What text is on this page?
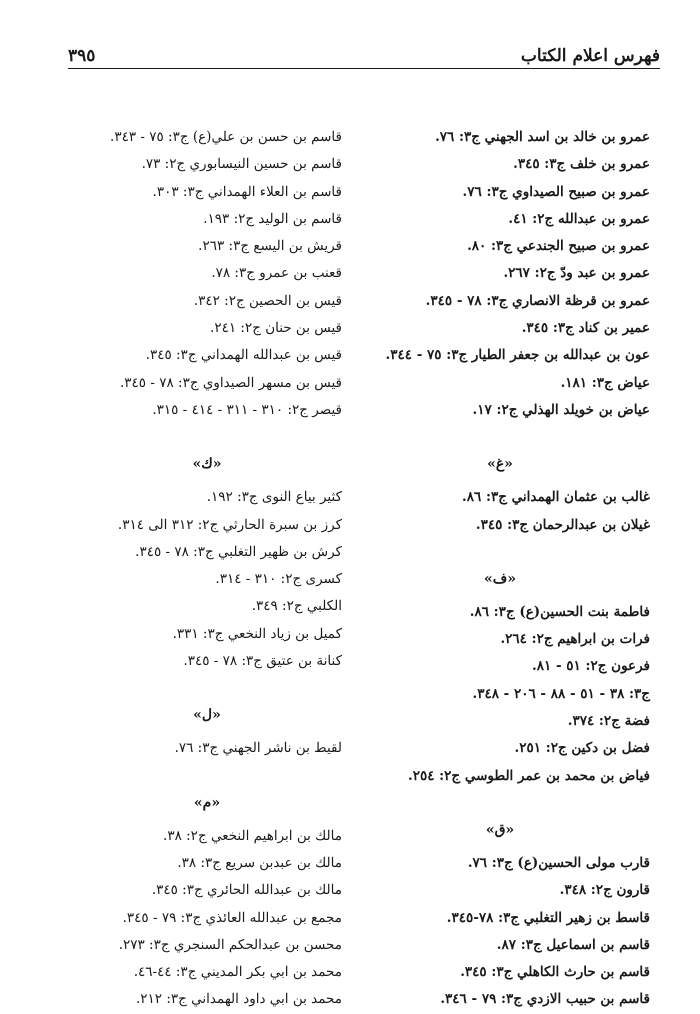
٣٩٥	فهرس اعلام الكتاب
عمرو بن خالد بن اسد الجهني ج٣: ٧٦.
عمرو بن خلف ج٣: ٣٤٥.
عمرو بن صبيح الصيداوي ج٣: ٧٦.
عمرو بن عبدالله ج٢: ٤١.
عمرو بن صبيح الجندعي ج٣: ٨٠.
عمرو بن عبد ودّ ج٢: ٢٦٧.
عمرو بن قرظة الانصاري ج٣: ٧٨ - ٣٤٥.
عمير بن كناد ج٣: ٣٤٥.
عون بن عبدالله بن جعفر الطيار ج٣: ٧٥ - ٣٤٤.
عياض ج٣: ١٨١.
عياض بن خويلد الهذلي ج٢: ١٧.
«غ»
غالب بن عثمان الهمداني ج٣: ٨٦.
غيلان بن عبدالرحمان ج٣: ٣٤٥.
«ف»
فاطمة بنت الحسين(ع) ج٣: ٨٦.
فرات بن ابراهيم ج٢: ٢٦٤.
فرعون ج٢: ٥١ - ٨١.
ج٣: ٣٨ - ٥١ - ٨٨ - ٢٠٦ - ٣٤٨.
فضة ج٢: ٣٧٤.
فضل بن دكين ج٢: ٢٥١.
فياض بن محمد بن عمر الطوسي ج٢: ٢٥٤.
«ق»
قارب مولى الحسين(ع) ج٣: ٧٦.
قارون ج٢: ٣٤٨.
قاسط بن زهير التغلبي ج٣: ٧٨-٣٤٥.
قاسم بن اسماعيل ج٣: ٨٧.
قاسم بن حارث الكاهلي ج٣: ٣٤٥.
قاسم بن حبيب الازدي ج٣: ٧٩ - ٣٤٦.
قاسم بن حسن بن علي(ع) ج٣: ٧٥ - ٣٤٣.
قاسم بن حسين النيسابوري ج٢: ٧٣.
قاسم بن العلاء الهمداني ج٣: ٣٠٣.
قاسم بن الوليد ج٢: ١٩٣.
قريش بن اليسع ج٣: ٢٦٣.
قعنب بن عمرو ج٣: ٧٨.
قيس بن الحصين ج٢: ٣٤٢.
قيس بن حنان ج٢: ٢٤١.
قيس بن عبدالله الهمداني ج٣: ٣٤٥.
قيس بن مسهر الصيداوي ج٣: ٧٨ - ٣٤٥.
قيصر ج٢: ٣١٠ - ٣١١ - ٤١٤ - ٣١٥.
«ك»
كثير بياع النوى ج٣: ١٩٢.
كرز بن سبرة الحارثي ج٢: ٣١٢ الى ٣١٤.
كرش بن ظهير التغلبي ج٣: ٧٨ - ٣٤٥.
كسرى ج٢: ٣١٠ - ٣١٤.
الكلبي ج٢: ٣٤٩.
كميل بن زياد النخعي ج٣: ٣٣١.
كنانة بن عتيق ج٣: ٧٨ - ٣٤٥.
«ل»
لقيط بن ناشر الجهني ج٣: ٧٦.
«م»
مالك بن ابراهيم النخعي ج٢: ٣٨.
مالك بن عبدبن سريع ج٣: ٣٨.
مالك بن عبدالله الحائري ج٣: ٣٤٥.
مجمع بن عبدالله العائذي ج٣: ٧٩ - ٣٤٥.
محسن بن عبدالحكم السنجري ج٣: ٢٧٣.
محمد بن ابي بكر المديني ج٣: ٤٤-٤٦.
محمد بن ابي داود الهمداني ج٣: ٢١٢.
